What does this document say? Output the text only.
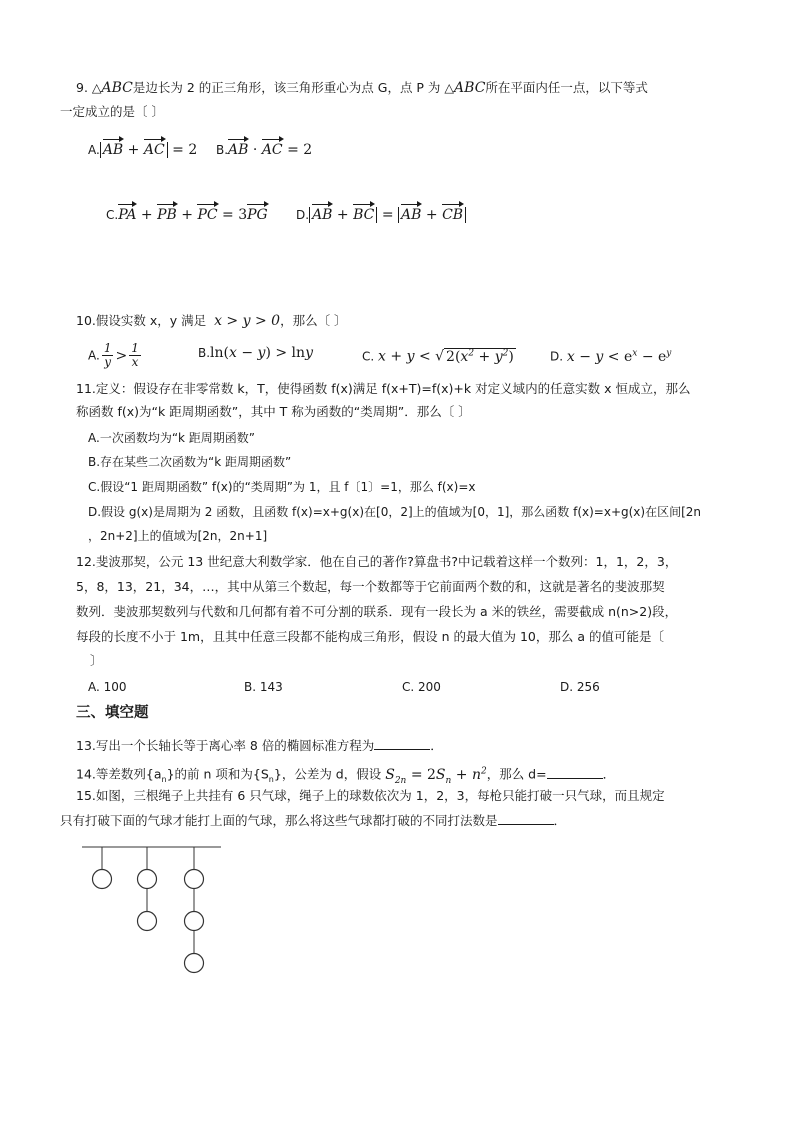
9. △ABC是边长为 2 的正三角形，该三角形重心为点 G，点 P 为 △ABC所在平面内任一点，以下等式
一定成立的是〔 〕
A. AB + AC = 2 B.AB · AC = 2
C.PA + PB + PC = 3PG D. AB + BC = AB + CB
10.假设实数 x，y 满足 x > y > 0，那么〔 〕
A. $\frac{1}{y} > \frac{1}{x}$	B.ln(x − y) > lny	C. x + y < √ $2(x^2 + y^2)$	D. $x - y < e^x - e^y$
11.定义：假设存在非零常数 k，T，使得函数 f(x)满足 f(x+T)=f(x)+k 对定义域内的任意实数 x 恒成立，那么
称函数 f(x)为“k 距周期函数”，其中 T 称为函数的“类周期”．那么〔 〕
A.一次函数均为“k 距周期函数”
B.存在某些二次函数为“k 距周期函数”
C.假设“1 距周期函数” f(x)的“类周期”为 1，且 f〔1〕=1，那么 f(x)=x
D.假设 g(x)是周期为 2 函数，且函数 f(x)=x+g(x)在[0，2]上的值域为[0，1]，那么函数 f(x)=x+g(x)在区间[2n
，2n+2]上的值域为[2n，2n+1]
12.斐波那契，公元 13 世纪意大利数学家．他在自己的著作?算盘书?中记载着这样一个数列：1，1，2，3，
5，8，13，21，34，…，其中从第三个数起，每一个数都等于它前面两个数的和，这就是著名的斐波那契
数列．斐波那契数列与代数和几何都有着不可分割的联系．现有一段长为 a 米的铁丝，需要截成 n(n>2)段，
每段的长度不小于 1m，且其中任意三段都不能构成三角形，假设 n 的最大值为 10，那么 a 的值可能是〔
〕
A. 100	B. 143	C. 200	D. 256
三、填空题
13.写出一个长轴长等于离心率 8 倍的椭圆标准方程为	．
14.等差数列$\{a_n\}$的前 n 项和为$\{S_n\}$，公差为 d，假设 $S_{2n} = 2S_n + n^2$，那么 d=	．
15.如图，三根绳子上共挂有 6 只气球，绳子上的球数依次为 1，2，3，每枪只能打破一只气球，而且规定
只有打破下面的气球才能打上面的气球，那么将这些气球都打破的不同打法数是	．
